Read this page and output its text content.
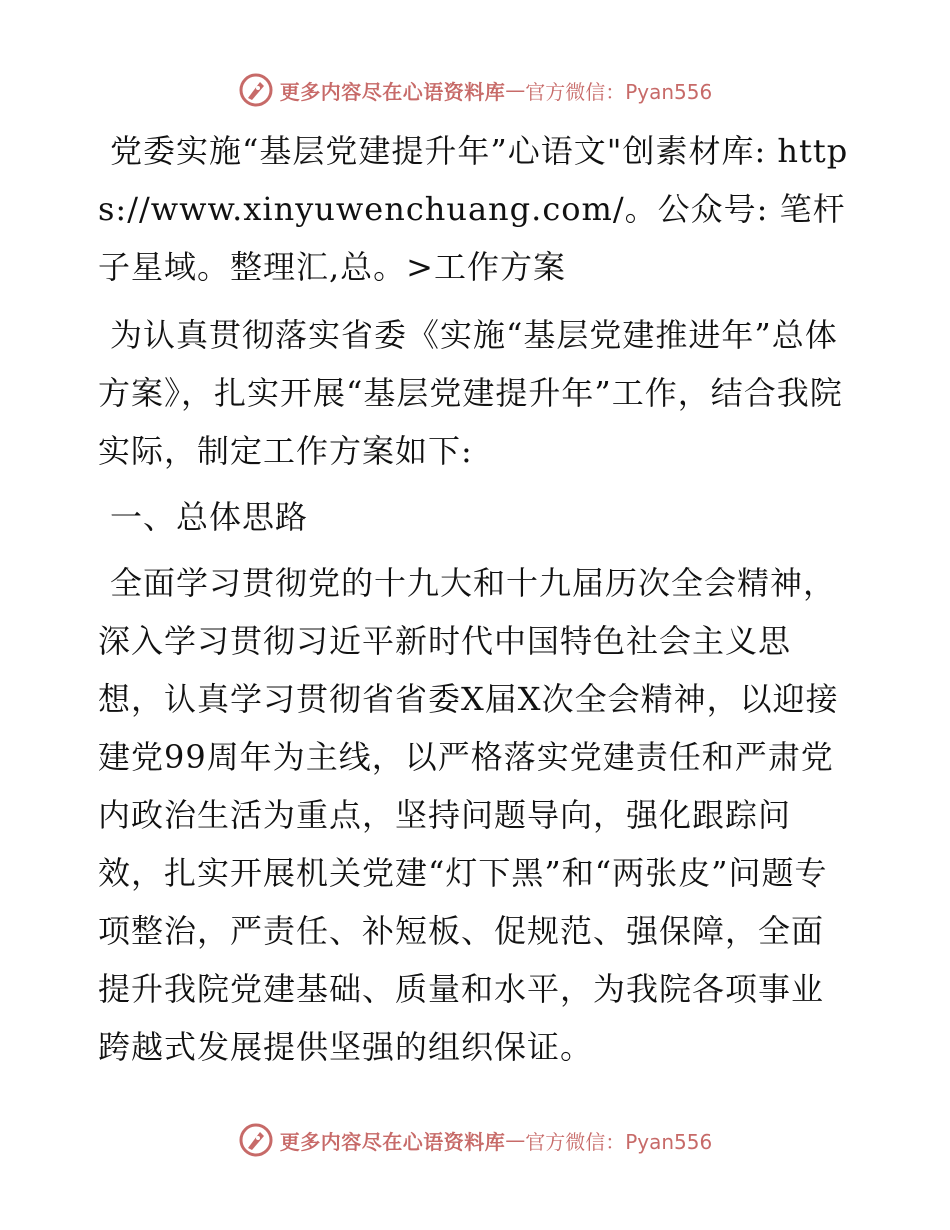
更多内容尽在心语资料库 — 官方微信：Pyan556

党委实施“基层党建提升年”心语文"创素材库: https://www.xinyuwenchuang.com/。公众号: 笔杆子星域。整理汇,总。>工作方案

为认真贯彻落实省委《实施“基层党建推进年”总体方案》，扎实开展“基层党建提升年”工作，结合我院实际，制定工作方案如下:

一、总体思路

全面学习贯彻党的十九大和十九届历次全会精神，深入学习贯彻习近平新时代中国特色社会主义思想，认真学习贯彻省省委X届X次全会精神，以迎接建党99周年为主线，以严格落实党建责任和严肃党内政治生活为重点，坚持问题导向，强化跟踪问效，扎实开展机关党建“灯下黑”和“两张皮”问题专项整治，严责任、补短板、促规范、强保障，全面提升我院党建基础、质量和水平，为我院各项事业跨越式发展提供坚强的组织保证。

更多内容尽在心语资料库 — 官方微信：Pyan556
